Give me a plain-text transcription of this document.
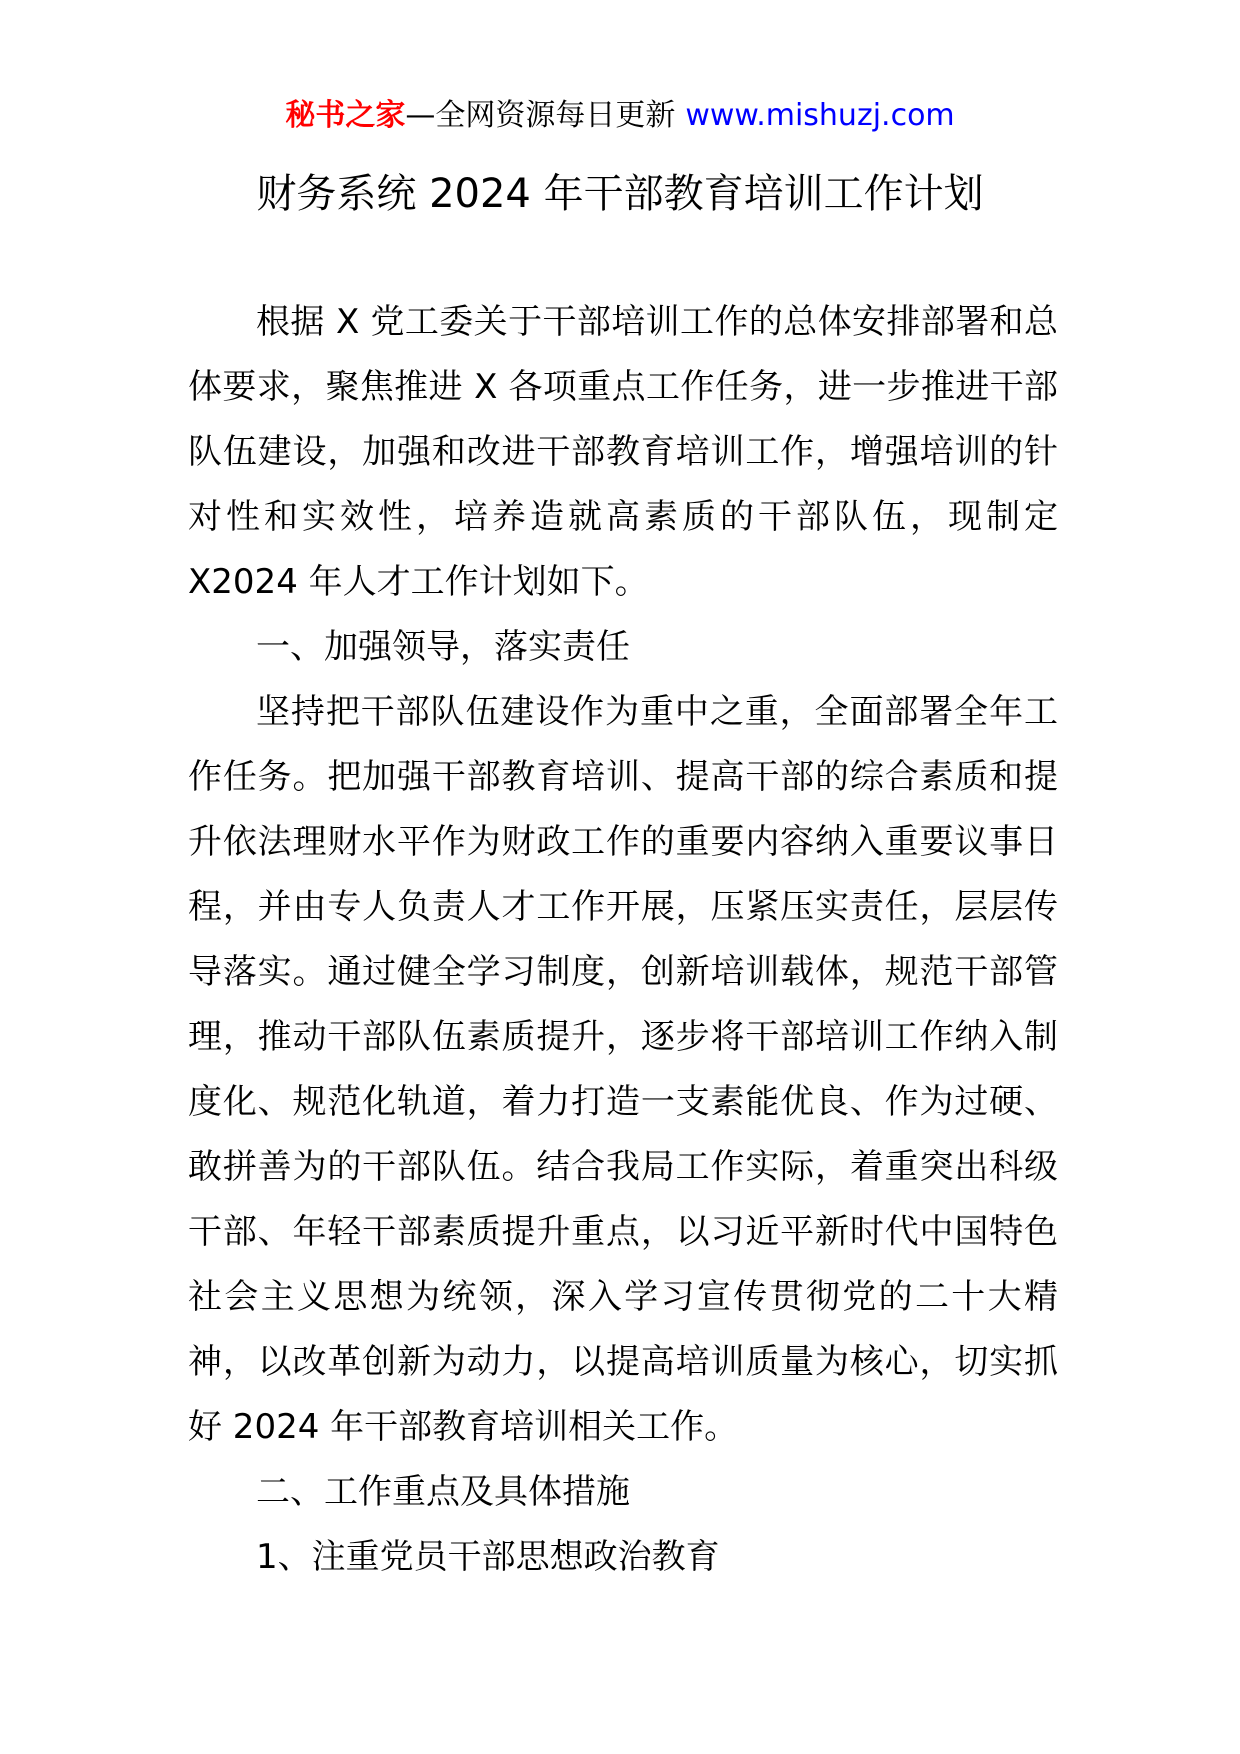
秘书之家—全网资源每日更新 www.mishuzj.com
财务系统 2024 年干部教育培训工作计划

根据 X 党工委关于干部培训工作的总体安排部署和总体要求，聚焦推进 X 各项重点工作任务，进一步推进干部队伍建设，加强和改进干部教育培训工作，增强培训的针对性和实效性，培养造就高素质的干部队伍，现制定 X2024 年人才工作计划如下。

一、加强领导，落实责任

坚持把干部队伍建设作为重中之重，全面部署全年工作任务。把加强干部教育培训、提高干部的综合素质和提升依法理财水平作为财政工作的重要内容纳入重要议事日程，并由专人负责人才工作开展，压紧压实责任，层层传导落实。通过健全学习制度，创新培训载体，规范干部管理，推动干部队伍素质提升，逐步将干部培训工作纳入制度化、规范化轨道，着力打造一支素能优良、作为过硬、敢拼善为的干部队伍。结合我局工作实际，着重突出科级干部、年轻干部素质提升重点，以习近平新时代中国特色社会主义思想为统领，深入学习宣传贯彻党的二十大精神，以改革创新为动力，以提高培训质量为核心，切实抓好 2024 年干部教育培训相关工作。

二、工作重点及具体措施

1、注重党员干部思想政治教育
